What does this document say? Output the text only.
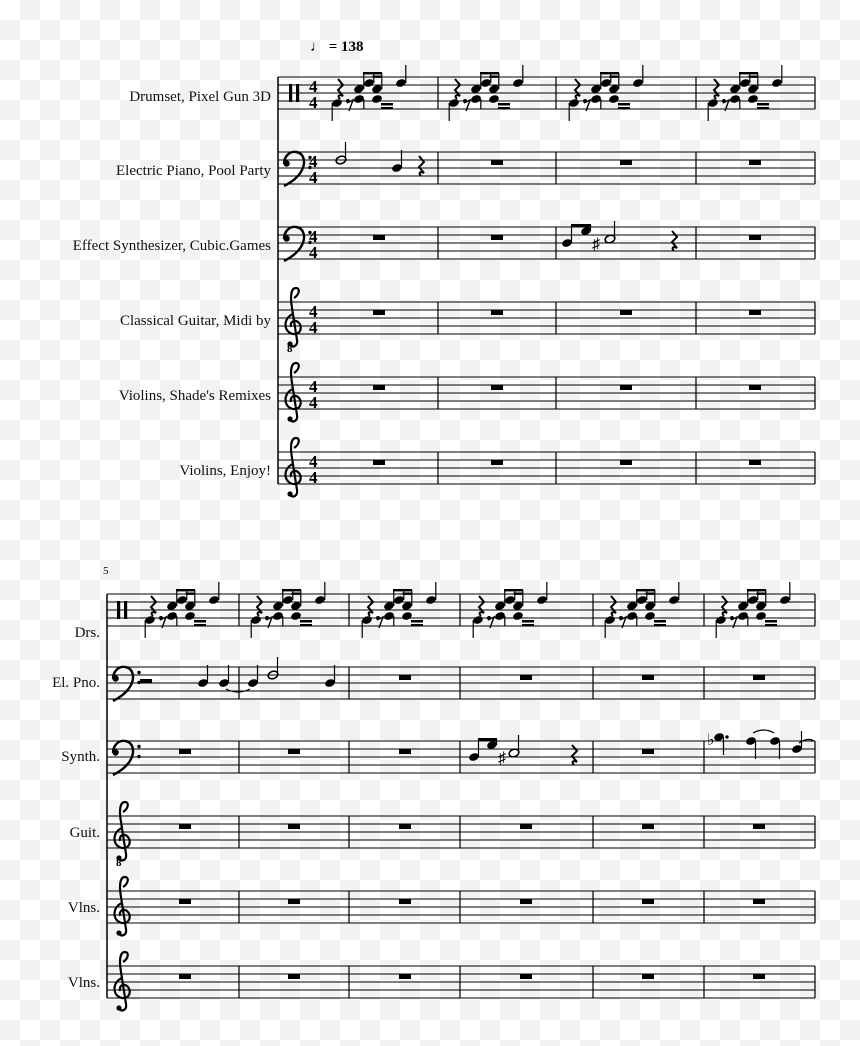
♩ = 138
Drumset, Pixel Gun 3D
Electric Piano, Pool Party
Effect Synthesizer, Cubic.Games
Classical Guitar, Midi by
Violins, Shade's Remixes
Violins, Enjoy!
8
4
4
4
4
4
4
4
4
4
4
4
4
♯
5
Drs.
El. Pno.
Synth.
Guit.
Vlns.
Vlns.
8
♯
♭
